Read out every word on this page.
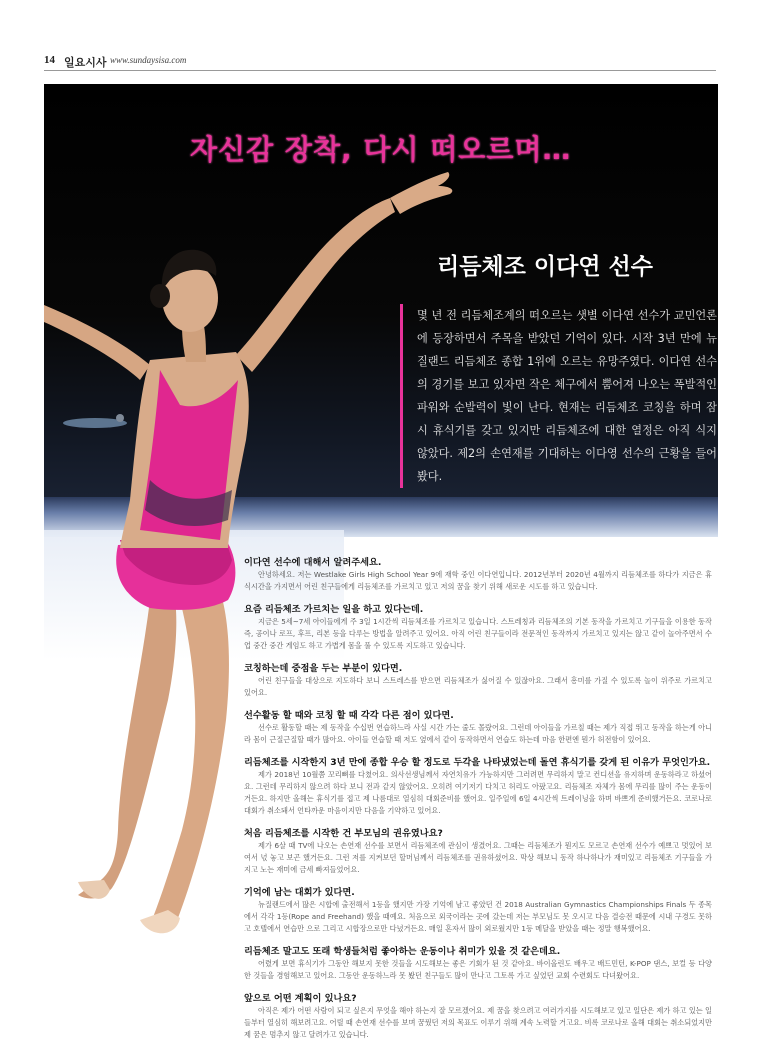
14 일요시사 www.sundaysisa.com
자신감 장착, 다시 떠오르며…
리듬체조 이다연 선수

몇 년 전 리듬체조계의 떠오르는 샛별 이다연 선수가 교민언론에 등장하면서 주목을 받았던 기억이 있다. 시작 3년 만에 뉴질랜드 리듬체조 종합 1위에 오르는 유망주였다. 이다연 선수의 경기를 보고 있자면 작은 체구에서 뿜어져 나오는 폭발적인 파워와 순발력이 빛이 난다. 현재는 리듬체조 코칭을 하며 잠시 휴식기를 갖고 있지만 리듬체조에 대한 열정은 아직 식지 않았다. 제2의 손연재를 기대하는 이다영 선수의 근황을 들어봤다.

이다연 선수에 대해서 알려주세요.

안녕하세요. 저는 Westlake Girls High School Year 9에 재학 중인 이다연입니다. 2012년부터 2020년 4월까지 리듬체조를 하다가 지금은 휴식시간을 가지면서 어린 친구들에게 리듬체조를 가르치고 있고 저의 꿈을 찾기 위해 새로운 시도를 하고 있습니다.

요즘 리듬체조 가르치는 일을 하고 있다는데.

지금은 5세~7세 아이들에게 주 3일 1시간씩 리듬체조를 가르치고 있습니다. 스트레칭과 리듬체조의 기본 동작을 가르치고 기구들을 이용한 동작 즉, 공이나 로프, 후프, 리본 등을 다루는 방법을 알려주고 있어요. 아직 어린 친구들이라 전문적인 동작까지 가르치고 있지는 않고 같이 놀아주면서 수업 중간 중간 게임도 하고 가볍게 몸을 풀 수 있도록 지도하고 있습니다.

코칭하는데 중점을 두는 부분이 있다면.

어린 친구들을 대상으로 지도하다 보니 스트레스를 받으면 리듬체조가 싫어질 수 있잖아요. 그래서 흥미를 가질 수 있도록 놀이 위주로 가르치고 있어요.

선수활동 할 때와 코칭 할 때 각각 다른 점이 있다면.

선수로 활동할 때는 제 동작을 수십번 연습하느라 사실 시간 가는 줄도 몰랐어요. 그런데 아이들을 가르칠 때는 제가 직접 뛰고 동작을 하는게 아니라 몸이 근질근질할 때가 많아요. 아이들 연습할 때 저도 옆에서 같이 동작하면서 연습도 하는데 마음 한편엔 뭔가 허전함이 있어요.

리듬체조를 시작한지 3년 만에 종합 우승 할 정도로 두각을 나타냈었는데 돌연 휴식기를 갖게 된 이유가 무엇인가요.

제가 2018년 10월쯤 꼬리뼈를 다쳤어요. 의사선생님께서 자연치유가 가능하지만 그러려면 무리하지 말고 컨디션을 유지하며 운동하라고 하셨어요. 그런데 무리하지 않으려 하다 보니 전과 같지 않았어요. 오히려 여기저기 다치고 허리도 아팠고요. 리듬체조 자체가 몸에 무리를 많이 주는 운동이거든요. 하지만 올해는 휴식기를 접고 제 나름대로 열심히 대회준비를 했어요. 일주일에 6일 4시간씩 트레이닝을 하며 바쁘게 준비했거든요. 코로나로 대회가 취소돼서 언타까운 마음이지만 다음을 기약하고 있어요.

처음 리듬체조를 시작한 건 부모님의 권유였나요?

제가 6살 때 TV에 나오는 손연재 선수를 보면서 리듬체조에 관심이 생겼어요. 그때는 리듬체조가 뭔지도 모르고 손연재 선수가 예쁘고 멋있어 보여서 넋 놓고 보곤 했거든요. 그런 저를 지켜보던 할머님께서 리듬체조를 권유하셨어요. 막상 해보니 동작 하나하나가 재미있고 리듬체조 기구들을 가지고 노는 재미에 금세 빠져들었어요.

기억에 남는 대회가 있다면.

뉴질랜드에서 많은 시합에 출전해서 1등을 했지만 가장 기억에 남고 좋았던 건 2018 Australian Gymnastics Championships Finals 두 종목에서 각각 1등(Rope and Freehand) 했을 때예요. 처음으로 외국이라는 곳에 갔는데 저는 부모님도 못 오시고 다음 결승전 때문에 시내 구경도 못하고 호텔에서 연습만 으로 그리고 시합장으로만 다녔거든요. 매일 혼자서 많이 외로웠지만 1등 메달을 받았을 때는 정말 행복했어요.

리듬체조 말고도 또래 학생들처럼 좋아하는 운동이나 취미가 있을 것 같은데요.

어렸게 보면 휴식기가 그동안 해보지 못한 것들을 시도해보는 좋은 기회가 된 것 같아요. 바이올린도 배우고 배드민턴, K-POP 댄스, 보컬 등 다양한 것들을 경험해보고 있어요. 그동안 운동하느라 못 봤던 친구들도 많이 만나고 그토록 가고 싶었던 교회 수련회도 다녀왔어요.

앞으로 어떤 계획이 있나요?

아직은 제가 어떤 사람이 되고 싶은지 무엇을 해야 하는지 잘 모르겠어요. 제 꿈을 찾으려고 여러가지를 시도해보고 있고 일단은 제가 하고 있는 일들부터 열심히 해보려고요. 어릴 때 손연재 선수를 보며 꿈꿨던 저의 목표도 이루기 위해 계속 노력할 거고요. 비록 코로나로 올해 대회는 취소되었지만 제 꿈은 멈추지 않고 달려가고 있습니다.
